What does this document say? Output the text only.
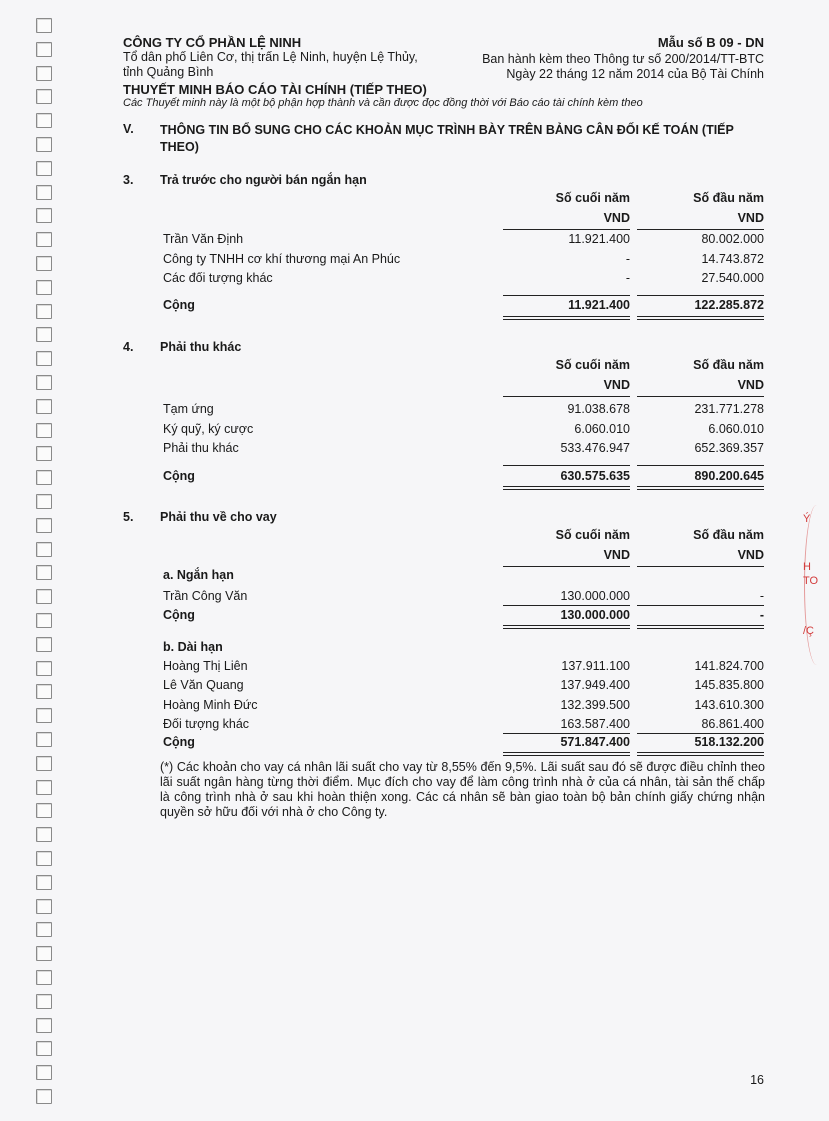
CÔNG TY CỔ PHẦN LỆ NINH
Tổ dân phố Liên Cơ, thị trấn Lệ Ninh, huyện Lệ Thủy, tỉnh Quảng Bình
Mẫu số B 09 - DN
Ban hành kèm theo Thông tư số 200/2014/TT-BTC
Ngày 22 tháng 12 năm 2014 của Bộ Tài Chính
THUYẾT MINH BÁO CÁO TÀI CHÍNH (TIẾP THEO)
Các Thuyết minh này là một bộ phận hợp thành và cần được đọc đồng thời với Báo cáo tài chính kèm theo
V. THÔNG TIN BỔ SUNG CHO CÁC KHOẢN MỤC TRÌNH BÀY TRÊN BẢNG CÂN ĐỐI KẾ TOÁN (TIẾP THEO)
3. Trả trước cho người bán ngắn hạn
Số cuối năm	Số đầu năm
VND	VND
Trần Văn Định	11.921.400	80.002.000
Công ty TNHH cơ khí thương mại An Phúc	-	14.743.872
Các đối tượng khác	-	27.540.000
Cộng	11.921.400	122.285.872
4. Phải thu khác
Số cuối năm	Số đầu năm
VND	VND
Tạm ứng	91.038.678	231.771.278
Ký quỹ, ký cược	6.060.010	6.060.010
Phải thu khác	533.476.947	652.369.357
Cộng	630.575.635	890.200.645
5. Phải thu về cho vay
Số cuối năm	Số đầu năm
VND	VND
a. Ngắn hạn
Trần Công Văn	130.000.000	-
Cộng	130.000.000	-
b. Dài hạn
Hoàng Thị Liên	137.911.100	141.824.700
Lê Văn Quang	137.949.400	145.835.800
Hoàng Minh Đức	132.399.500	143.610.300
Đối tượng khác	163.587.400	86.861.400
Cộng	571.847.400	518.132.200
(*) Các khoản cho vay cá nhân lãi suất cho vay từ 8,55% đến 9,5%. Lãi suất sau đó sẽ được điều chỉnh theo lãi suất ngân hàng từng thời điểm. Mục đích cho vay để làm công trình nhà ở của cá nhân, tài sản thế chấp là công trình nhà ở sau khi hoàn thiện xong. Các cá nhân sẽ bàn giao toàn bộ bản chính giấy chứng nhận quyền sở hữu đối với nhà ở cho Công ty.
16
Ý
H
TO
/Ç
